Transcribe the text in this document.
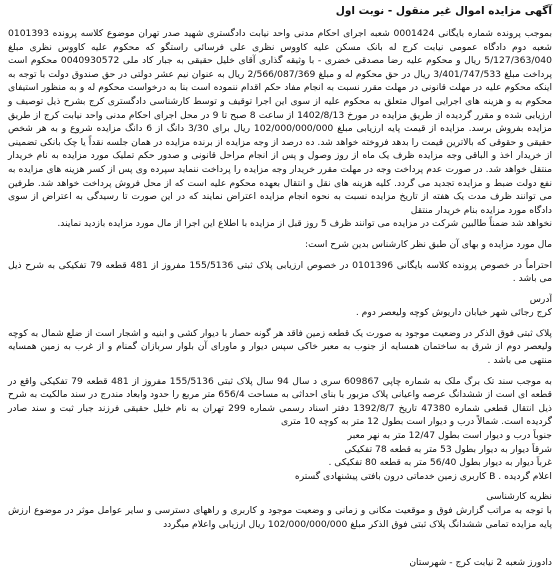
آگهی مزایده اموال غیر منقول - نوبت اول
بموجب پرونده شماره بایگانی 0001424 شعبه اجرای احکام مدنی واحد نیابت دادگستری شهید صدر تهران موضوع کلاسه پرونده 0101393 شعبه دوم دادگاه عمومی نیابت کرج له بانک مسکن علیه کاووس نظری علی فرسائی راستگو که محکوم علیه کاووس نظری مبلغ 5/127/363/040 ریال و محکوم علیه رضا مصدقی خضری - با وثیقه گذاری آقای خلیل حقیقی به جبار کاد ملی 0040930572 محکوم است پرداخت مبلغ 3/401/747/533 ریال در حق محکوم له و مبلغ 2/566/087/369 ریال به عنوان نیم عشر دولتی در حق صندوق دولت با توجه به اینکه محکوم علیه در مهلت قانونی در مهلت مقرر نسبت به انجام مفاد حکم اقدام ننموده است بنا به درخواست محکوم له و به منظور استیفای محکوم به و هزینه های اجرایی اموال متعلق به محکوم علیه از سوی این اجرا توقیف و توسط کارشناسی دادگستری کرج بشرح ذیل توصیف و ارزیابی شده و مقرر گردیده از طریق مزایده در مورخ 1402/8/13 از ساعت 8 صبح تا 9 در محل اجرای احکام مدنی واحد نیابت کرج از طریق مزایده بفروش برسد. مزایده از قیمت پایه ارزیابی مبلغ 102/000/000/000 ریال برای 3/30 دانگ از 6 دانگ مزایده شروع و به هر شخص حقیقی و حقوقی که بالاترین قیمت را بدهد فروخته خواهد شد. ده درصد از وجه مزایده از برنده مزایده در همان جلسه نقداً یا چک بانکی تضمینی از خریدار اخذ و الباقی وجه مزایده ظرف یک ماه از روز وصول و پس از انجام مراحل قانونی و صدور حکم تملیک مورد مزایده به نام خریدار منتقل خواهد شد. در صورت عدم پرداخت وجه در مهلت مقرر خریدار وجه مزایده را پرداخت ننماید سپرده وی پس از کسر هزینه های مزایده به نفع دولت ضبط و مزایده تجدید می گردد. کلیه هزینه های نقل و انتقال بعهده محکوم علیه است که از محل فروش پرداخت خواهد شد. طرفین می توانند ظرف مدت یک هفته از تاریخ مزایده نسبت به نحوه انجام مزایده اعتراض نمایند که در این صورت تا رسیدگی به اعتراض از سوی دادگاه مورد مزایده بنام خریدار منتقل
نخواهد شد ضمناً طالبین شرکت در مزایده می توانند ظرف 5 روز قبل از مزایده با اطلاع این اجرا از مال مورد مزایده بازدید نمایند.
مال مورد مزایده و بهای آن طبق نظر کارشناس بدین شرح است:
احتراماً در خصوص پرونده کلاسه بایگانی 0101396 در خصوص ارزیابی پلاک ثبتی 155/5136 مفروز از 481 قطعه 79 تفکیکی به شرح ذیل می باشد .
آدرس
کرج رجائی شهر خیابان داریوش کوچه ولیعصر دوم .
پلاک ثبتی فوق الذکر در وضعیت موجود به صورت یک قطعه زمین فاقد هر گونه حصار با دیوار کشی و ابنیه و اشجار است از ضلع شمال به کوچه ولیعصر دوم از شرق به ساختمان همسایه از جنوب به معبر خاکی سپس دیوار و ماورای آن بلوار سربازان گمنام و از غرب به زمین همسایه منتهی می باشد .
به موجب سند تک برگ ملک به شماره چاپی 609867 سری د سال 94 سال پلاک ثبتی 155/5136 مفروز از 481 قطعه 79 تفکیکی واقع در قطعه ای است از ششدانگ عرصه واعیانی پلاک مزبور با بنای احداثی به مساحت 656/4 متر مربع را حدود وابعاد مندرج در سند مالکیت به شرح ذیل انتقال قطعی شماره 47380 تاریخ 1392/8/7 دفتر اسناد رسمی شماره 299 تهران به نام خلیل حقیقی فرزند جبار ثبت و سند صادر گردیده است. شمالاً درب و دیوار است بطول 12 متر به کوچه 10 متری
جنوباً درب و دیوار است بطول 12/47 متر به نهر معبر
شرقاً دیوار به دیوار بطول 53 متر به قطعه 78 تفکیکی
غرباً دیوار به دیوار بطول 56/40 متر به قطعه 80 تفکیکی .
اعلام گردیده . B کاربری زمین خدماتی درون بافتی پیشنهادی گستره
نظریه کارشناسی
با توجه به مراتب گزارش فوق و موقعیت مکانی و زمانی و وضعیت موجود و کاربری و راههای دسترسی و سایر عوامل موثر در موضوع ارزش پایه مزایده تمامی ششدانگ پلاک ثبتی فوق الذکر مبلغ 102/000/000/000 ریال ارزیابی واعلام میگردد
دادورز شعبه 2 نیابت کرج - شهرستان
